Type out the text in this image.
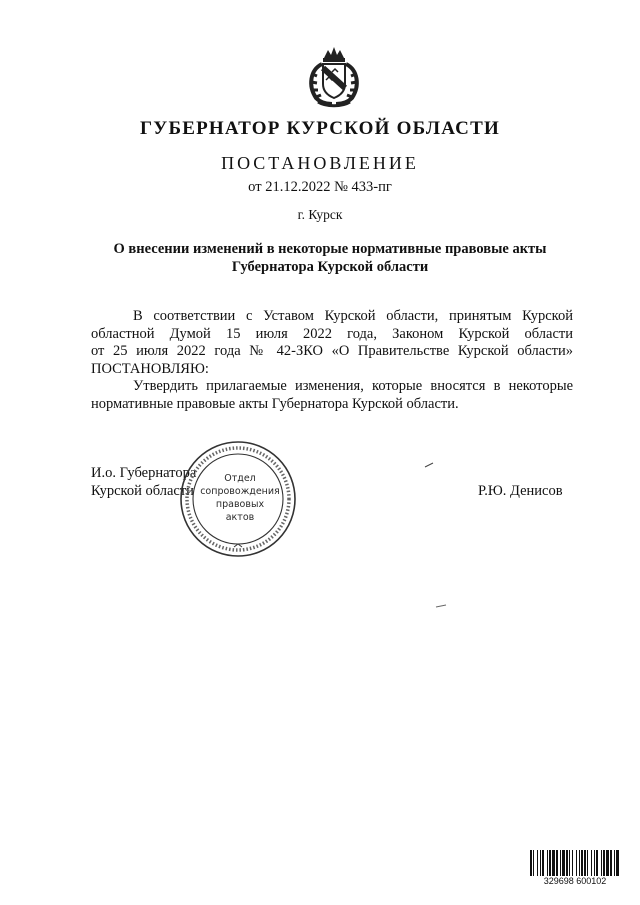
ГУБЕРНАТОР КУРСКОЙ ОБЛАСТИ
ПОСТАНОВЛЕНИЕ
от 21.12.2022 № 433-пг
г. Курск
О внесении изменений в некоторые нормативные правовые акты
Губернатора Курской области
В соответствии с Уставом Курской области, принятым Курской
областной Думой 15 июля 2022 года, Законом Курской области
от 25 июля 2022 года № 42-ЗКО «О Правительстве Курской области»
ПОСТАНОВЛЯЮ:
Утвердить прилагаемые изменения, которые вносятся в некоторые
нормативные правовые акты Губернатора Курской области.
И.о. Губернатора
Курской области	Р.Ю. Денисов
Отдел
сопровождения
правовых
актов
329698 600102
